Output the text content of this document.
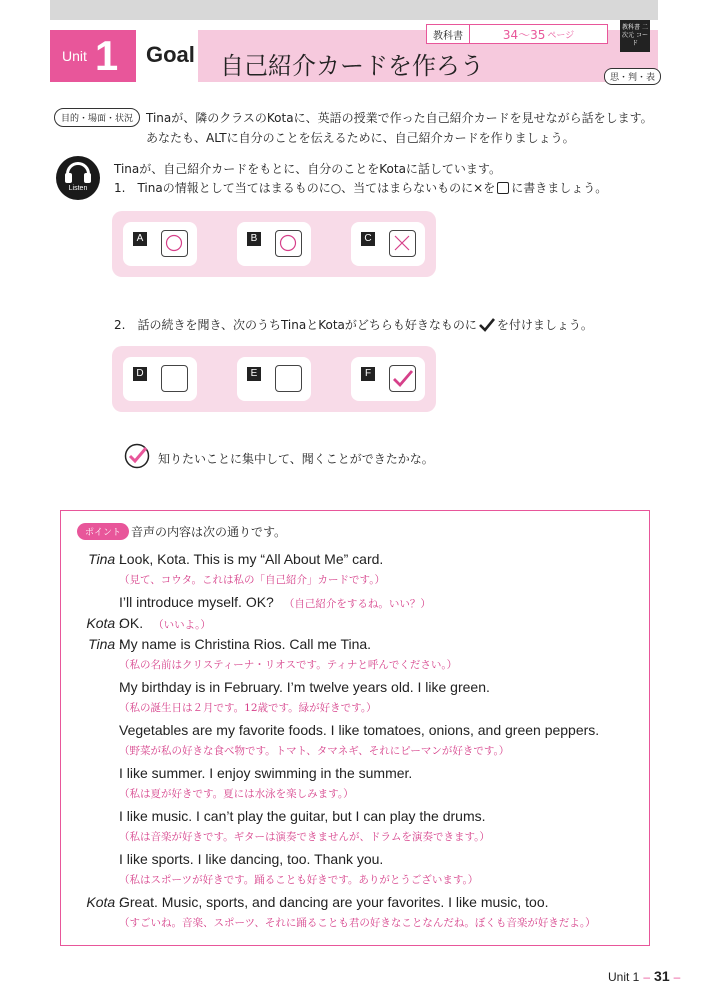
Unit 1 Goal 自己紹介カードを作ろう
教科書	34〜35 ページ
教科書 二次元 コード
思・判・表
目的・場面・状況	Tinaが、隣のクラスのKotaに、英語の授業で作った自己紹介カードを見せながら話をします。
あなたも、ALTに自分のことを伝えるために、自己紹介カードを作りましょう。
Listen
Tinaが、自己紹介カードをもとに、自分のことをKotaに話しています。
1.　Tinaの情報として当てはまるものに○、当てはまらないものに×を に書きましょう。
A	B	C
2.　話の続きを聞き、次のうちTinaとKotaがどちらも好きなものに を付けましょう。
D	E	F
知りたいことに集中して、聞くことができたかな。
ポイント 音声の内容は次の通りです。
Tina :
Look, Kota. This is my “All About Me” card.
（見て、コウタ。これは私の「自己紹介」カードです。）
I’ll introduce myself. OK? （自己紹介をするね。いい？）
Kota :
OK. （いいよ。）
Tina :
My name is Christina Rios. Call me Tina.
（私の名前はクリスティーナ・リオスです。ティナと呼んでください。）
My birthday is in February. I’m twelve years old. I like green.
（私の誕生日は２月です。12歳です。緑が好きです。）
Vegetables are my favorite foods. I like tomatoes, onions, and green peppers.
（野菜が私の好きな食べ物です。トマト、タマネギ、それにピーマンが好きです。）
I like summer. I enjoy swimming in the summer.
（私は夏が好きです。夏には水泳を楽しみます。）
I like music. I can’t play the guitar, but I can play the drums.
（私は音楽が好きです。ギターは演奏できませんが、ドラムを演奏できます。）
I like sports. I like dancing, too. Thank you.
（私はスポーツが好きです。踊ることも好きです。ありがとうございます。）
Kota :
Great. Music, sports, and dancing are your favorites. I like music, too.
（すごいね。音楽、スポーツ、それに踊ることも君の好きなことなんだね。ぼくも音楽が好きだよ。）
Unit 1 – 31 –
